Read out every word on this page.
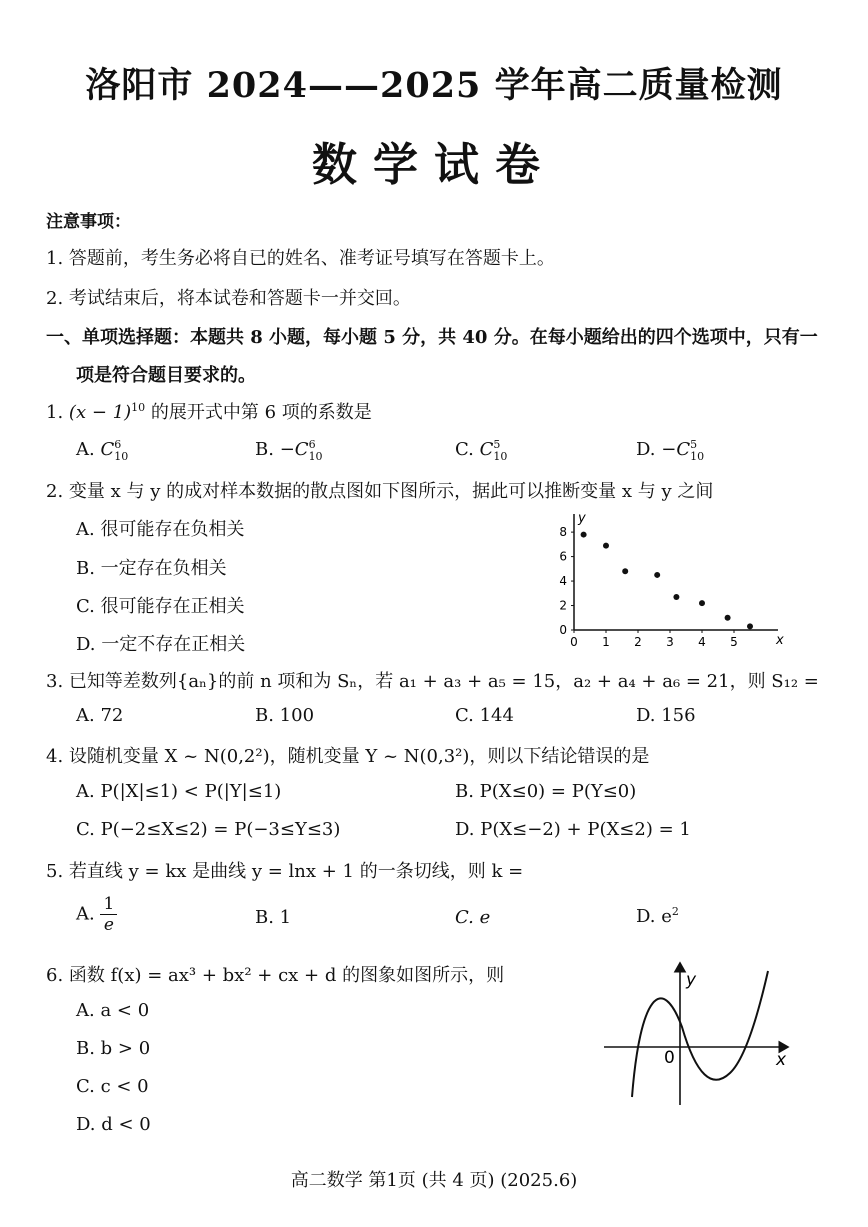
洛阳市 2024——2025 学年高二质量检测
数学试卷
注意事项：
1. 答题前，考生务必将自已的姓名、准考证号填写在答题卡上。
2. 考试结束后，将本试卷和答题卡一并交回。
一、单项选择题：本题共 8 小题，每小题 5 分，共 40 分。在每小题给出的四个选项中，只有一
项是符合题目要求的。
1. $(x - 1)^{10}$ 的展开式中第 6 项的系数是
A. $C^6_{10}$	B. $-C^6_{10}$	C. $C^5_{10}$	D. $-C^5_{10}$
2. 变量 x 与 y 的成对样本数据的散点图如下图所示，据此可以推断变量 x 与 y 之间
A. 很可能存在负相关
B. 一定存在负相关
C. 很可能存在正相关
D. 一定不存在正相关	0 1 2 3 4 5
0
2
4
6
8
x
y
3. 已知等差数列{aₙ}的前 n 项和为 Sₙ，若 a₁ + a₃ + a₅ = 15，a₂ + a₄ + a₆ = 21，则 S₁₂ =
A. 72	B. 100	C. 144	D. 156
4. 设随机变量 X ~ N(0,2²)，随机变量 Y ~ N(0,3²)，则以下结论错误的是
A. P(|X|≤1) < P(|Y|≤1)	B. P(X≤0) = P(Y≤0)
C. P(−2≤X≤2) = P(−3≤Y≤3)	D. P(X≤−2) + P(X≤2) = 1
5. 若直线 y = kx 是曲线 y = lnx + 1 的一条切线，则 k =
A. $\frac{1}{e}$	B. 1	C. e	D. $e^2$
6. 函数 f(x) = ax³ + bx² + cx + d 的图象如图所示，则
A. a < 0
B. b > 0
C. c < 0
D. d < 0
y
x
0
高二数学 第1页 (共 4 页) (2025.6)
